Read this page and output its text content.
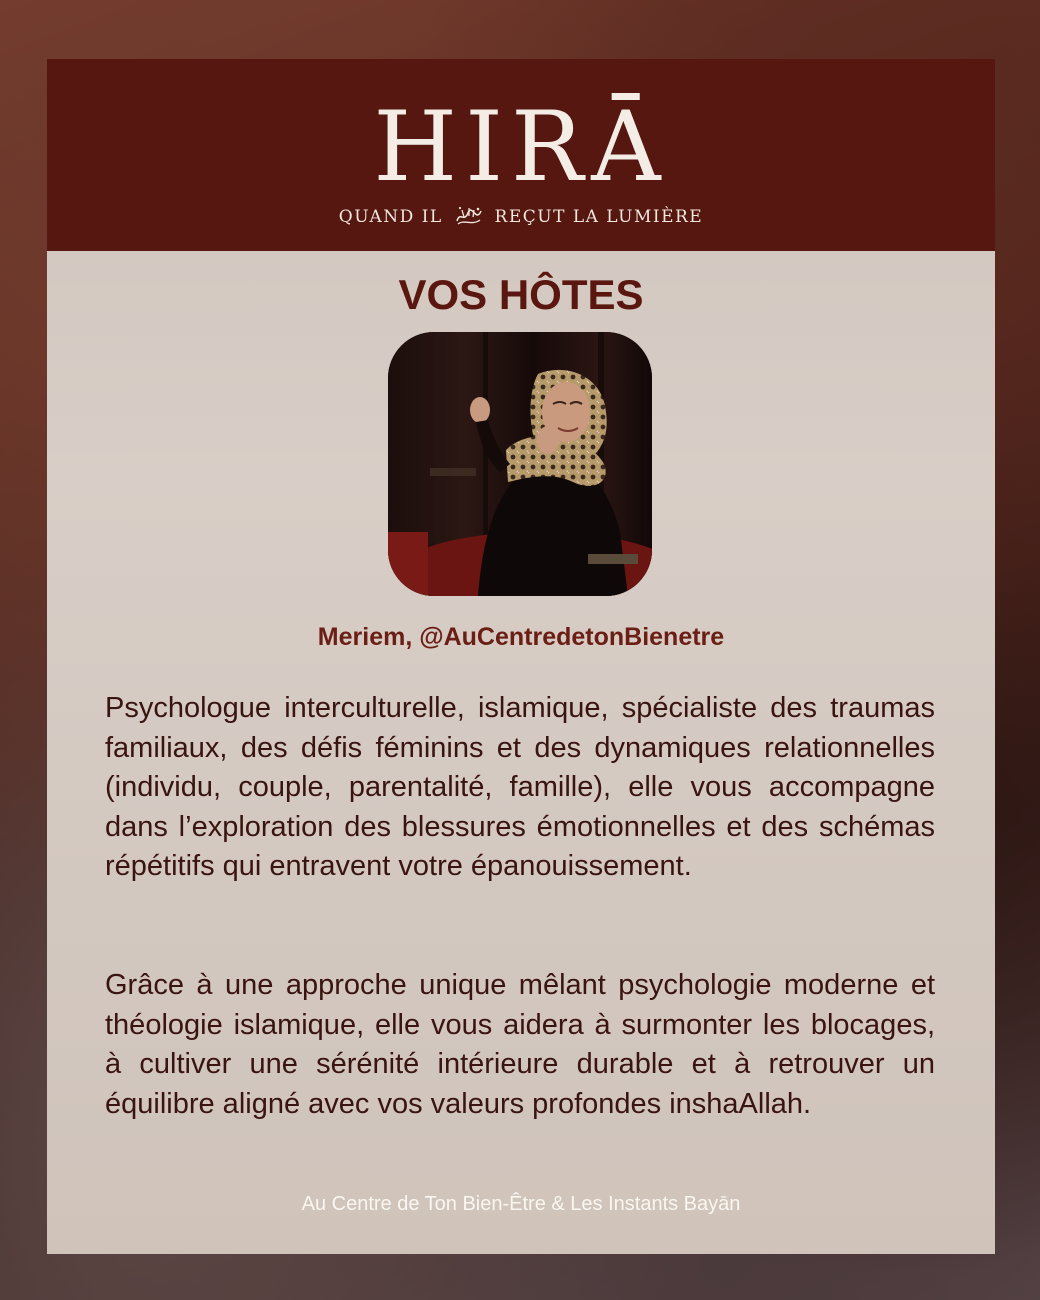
HIRĀ
QUAND IL	REÇUT LA LUMIÈRE
VOS HÔTES
Meriem, @AuCentredetonBienetre

Psychologue interculturelle, islamique, spécialiste des traumas familiaux, des défis féminins et des dynamiques relationnelles (individu, couple, parentalité, famille), elle vous accompagne dans l’exploration des blessures émotionnelles et des schémas répétitifs qui entravent votre épanouissement.

Grâce à une approche unique mêlant psychologie moderne et théologie islamique, elle vous aidera à surmonter les blocages, à cultiver une sérénité intérieure durable et à retrouver un équilibre aligné avec vos valeurs profondes inshaAllah.

Au Centre de Ton Bien-Être & Les Instants Bayān
